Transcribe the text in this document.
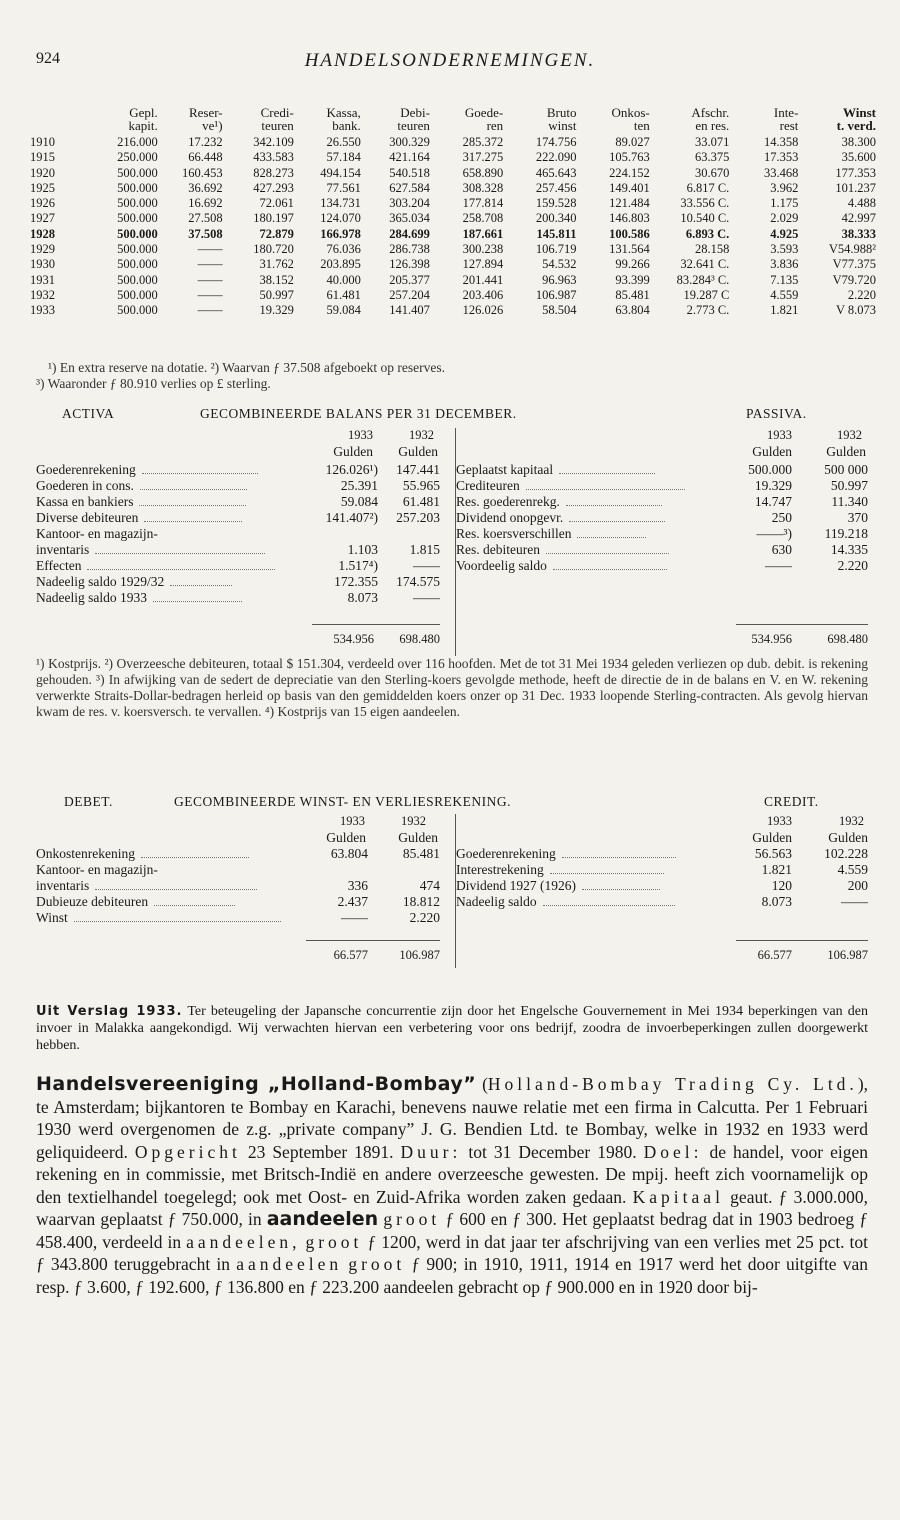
924	HANDELSONDERNEMINGEN.
	Gepl.	Reser-	Credi-	Kassa,	Debi-	Goede-	Bruto	Onkos-	Afschr.	Inte-	Winst
	kapit.	ve¹)	teuren	bank.	teuren	ren	winst	ten	en res.	rest	t. verd.
1910	216.000	17.232	342.109	26.550	300.329	285.372	174.756	89.027	33.071	14.358	38.300
1915	250.000	66.448	433.583	57.184	421.164	317.275	222.090	105.763	63.375	17.353	35.600
1920	500.000	160.453	828.273	494.154	540.518	658.890	465.643	224.152	30.670	33.468	177.353
1925	500.000	36.692	427.293	77.561	627.584	308.328	257.456	149.401	6.817 C.	3.962	101.237
1926	500.000	16.692	72.061	134.731	303.204	177.814	159.528	121.484	33.556 C.	1.175	4.488
1927	500.000	27.508	180.197	124.070	365.034	258.708	200.340	146.803	10.540 C.	2.029	42.997
1928	500.000	37.508	72.879	166.978	284.699	187.661	145.811	100.586	6.893 C.	4.925	38.333
1929	500.000	——	180.720	76.036	286.738	300.238	106.719	131.564	28.158	3.593	V54.988²
1930	500.000	——	31.762	203.895	126.398	127.894	54.532	99.266	32.641 C.	3.836	V77.375
1931	500.000	——	38.152	40.000	205.377	201.441	96.963	93.399	83.284³ C.	7.135	V79.720
1932	500.000	——	50.997	61.481	257.204	203.406	106.987	85.481	19.287 C	4.559	2.220
1933	500.000	——	19.329	59.084	141.407	126.026	58.504	63.804	2.773 C.	1.821	V 8.073
¹) En extra reserve na dotatie. ²) Waarvan ƒ 37.508 afgeboekt op reserves.
³) Waaronder ƒ 80.910 verlies op £ sterling.
ACTIVA	GECOMBINEERDE BALANS PER 31 DECEMBER.	PASSIVA.
1933	1932
Gulden	Gulden
1933	1932
Gulden	Gulden
Goederenrekening	126.026¹)	147.441
Goederen in cons.	25.391	55.965
Kassa en bankiers	59.084	61.481
Diverse debiteuren	141.407²)	257.203
Kantoor- en magazijn-		
inventaris	1.103	1.815
Effecten	1.517⁴)	——
Nadeelig saldo 1929/32	172.355	174.575
Nadeelig saldo 1933	8.073	——
Geplaatst kapitaal	500.000	500 000
Crediteuren	19.329	50.997
Res. goederenrekg.	14.747	11.340
Dividend onopgevr.	250	370
Res. koersverschillen	——³)	119.218
Res. debiteuren	630	14.335
Voordeelig saldo	——	2.220
534.956	698.480	534.956	698.480
¹) Kostprijs. ²) Overzeesche debiteuren, totaal $ 151.304, verdeeld over 116 hoofden. Met de tot 31 Mei 1934 geleden verliezen op dub. debit. is rekening gehouden. ³) In afwijking van de sedert de depreciatie van den Sterling-koers gevolgde methode, heeft de directie de in de balans en V. en W. rekening verwerkte Straits-Dollar-bedragen herleid op basis van den gemiddelden koers onzer op 31 Dec. 1933 loopende Sterling-contracten. Als gevolg hiervan kwam de res. v. koersversch. te vervallen. ⁴) Kostprijs van 15 eigen aandeelen.
DEBET.	GECOMBINEERDE WINST- EN VERLIESREKENING.	CREDIT.
1933	1932
Gulden	Gulden
1933	1932
Gulden	Gulden
Onkostenrekening	63.804	85.481
Kantoor- en magazijn-		
inventaris	336	474
Dubieuze debiteuren	2.437	18.812
Winst	——	2.220
Goederenrekening	56.563	102.228
Interestrekening	1.821	4.559
Dividend 1927 (1926)	120	200
Nadeelig saldo	8.073	——
66.577	106.987	66.577	106.987
Uit Verslag 1933. Ter beteugeling der Japansche concurrentie zijn door het Engelsche Gouvernement in Mei 1934 beperkingen van den invoer in Malakka aangekondigd. Wij verwachten hiervan een verbetering voor ons bedrijf, zoodra de invoerbeperkingen zullen doorgewerkt hebben.
Handelsvereeniging „Holland-Bombay” (Holland-Bombay Trading Cy. Ltd.), te Amsterdam; bijkantoren te Bombay en Karachi, benevens nauwe relatie met een firma in Calcutta. Per 1 Februari 1930 werd overgenomen de z.g. „private company” J. G. Bendien Ltd. te Bombay, welke in 1932 en 1933 werd geliquideerd. Opgericht 23 September 1891. Duur: tot 31 December 1980. Doel: de handel, voor eigen rekening en in commissie, met Britsch-Indië en andere overzeesche gewesten. De mpij. heeft zich voornamelijk op den textielhandel toegelegd; ook met Oost- en Zuid-Afrika worden zaken gedaan. Kapitaal geaut. ƒ 3.000.000, waarvan geplaatst ƒ 750.000, in aandeelen groot ƒ 600 en ƒ 300. Het geplaatst bedrag dat in 1903 bedroeg ƒ 458.400, verdeeld in aandeelen, groot ƒ 1200, werd in dat jaar ter afschrijving van een verlies met 25 pct. tot ƒ 343.800 teruggebracht in aandeelen groot ƒ 900; in 1910, 1911, 1914 en 1917 werd het door uitgifte van resp. ƒ 3.600, ƒ 192.600, ƒ 136.800 en ƒ 223.200 aandeelen gebracht op ƒ 900.000 en in 1920 door bij-
